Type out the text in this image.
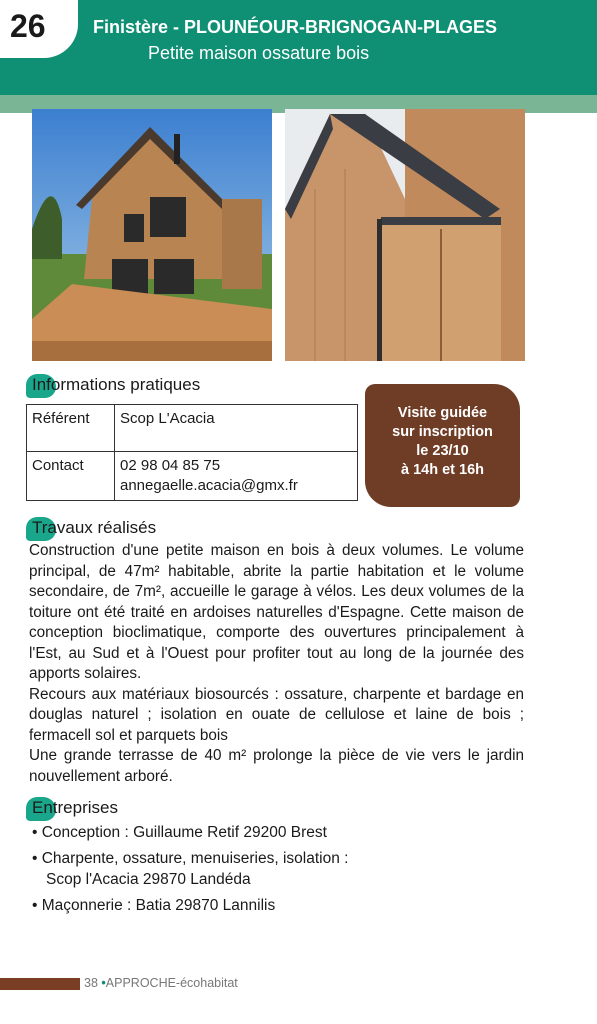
26	Finistère - PLOUNÉOUR-BRIGNOGAN-PLAGES
Petite maison ossature bois
Informations pratiques
Référent	Scop L'Acacia
Contact	02 98 04 85 75
annegaelle.acacia@gmx.fr
Visite guidée
sur inscription
le 23/10
à 14h et 16h
Travaux réalisés

Construction d'une petite maison en bois à deux volumes. Le volume principal, de 47m² habitable, abrite la partie habitation et le volume secondaire, de 7m², accueille le garage à vélos. Les deux volumes de la toiture ont été traité en ardoises naturelles d'Espagne. Cette maison de conception bioclimatique, comporte des ouvertures principalement à l'Est, au Sud et à l'Ouest pour profiter tout au long de la journée des apports solaires.

Recours aux matériaux biosourcés : ossature, charpente et bardage en douglas naturel ; isolation en ouate de cellulose et laine de bois ; fermacell sol et parquets bois

Une grande terrasse de 40 m² prolonge la pièce de vie vers le jardin nouvellement arboré.

Entreprises
• Conception : Guillaume Retif 29200 Brest
• Charpente, ossature, menuiseries, isolation :
Scop l'Acacia 29870 Landéda
• Maçonnerie : Batia 29870 Lannilis
38 •APPROCHE-écohabitat
